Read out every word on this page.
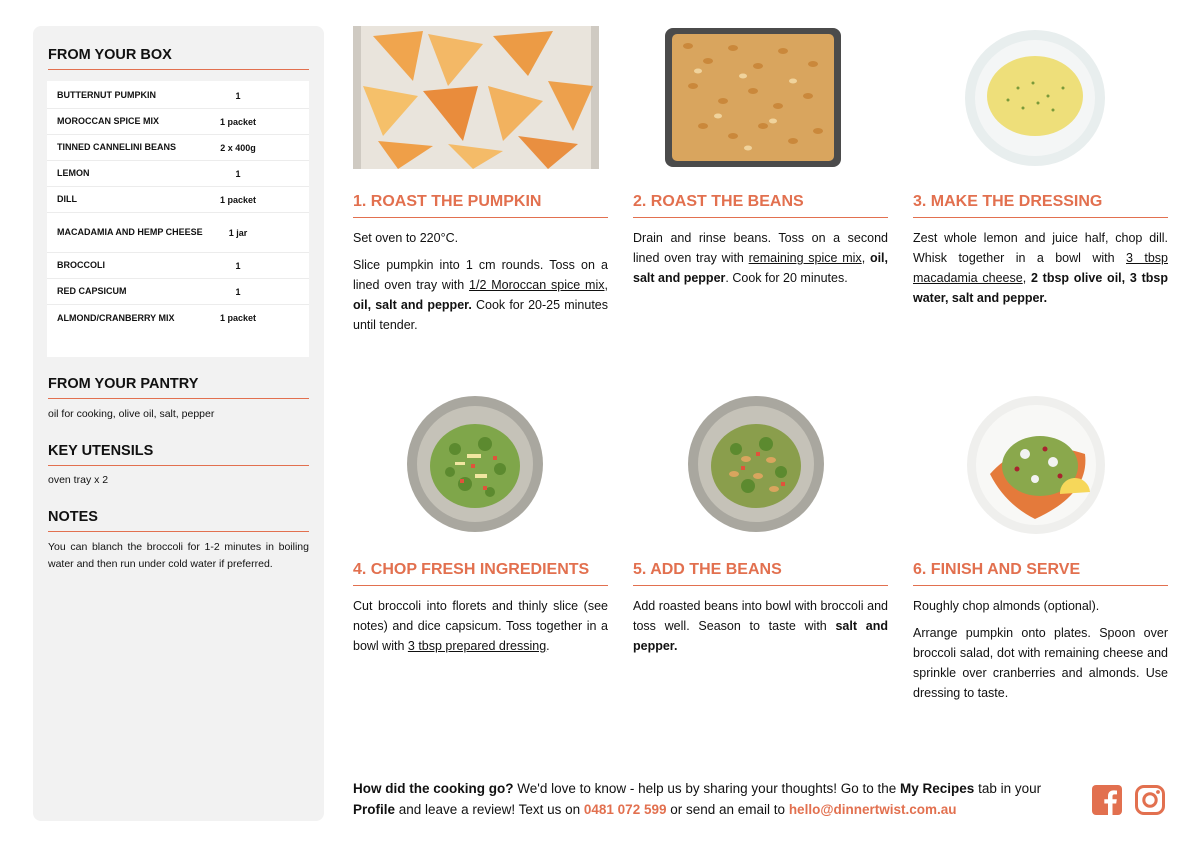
FROM YOUR BOX
BUTTERNUT PUMPKIN	1
MOROCCAN SPICE MIX	1 packet
TINNED CANNELINI BEANS	2 x 400g
LEMON	1
DILL	1 packet
MACADAMIA AND HEMP CHEESE	1 jar
BROCCOLI	1
RED CAPSICUM	1
ALMOND/CRANBERRY MIX	1 packet
FROM YOUR PANTRY
oil for cooking, olive oil, salt, pepper
KEY UTENSILS
oven tray x 2
NOTES
You can blanch the broccoli for 1-2 minutes in boiling water and then run under cold water if preferred.
1. ROAST THE PUMPKIN

Set oven to 220°C.

Slice pumpkin into 1 cm rounds. Toss on a lined oven tray with 1/2 Moroccan spice mix, oil, salt and pepper. Cook for 20-25 minutes until tender.

2. ROAST THE BEANS

Drain and rinse beans. Toss on a second lined oven tray with remaining spice mix, oil, salt and pepper. Cook for 20 minutes.

3. MAKE THE DRESSING

Zest whole lemon and juice half, chop dill. Whisk together in a bowl with 3 tbsp macadamia cheese, 2 tbsp olive oil, 3 tbsp water, salt and pepper.

4. CHOP FRESH INGREDIENTS

Cut broccoli into florets and thinly slice (see notes) and dice capsicum. Toss together in a bowl with 3 tbsp prepared dressing.

5. ADD THE BEANS

Add roasted beans into bowl with broccoli and toss well. Season to taste with salt and pepper.

6. FINISH AND SERVE

Roughly chop almonds (optional).

Arrange pumpkin onto plates. Spoon over broccoli salad, dot with remaining cheese and sprinkle over cranberries and almonds. Use dressing to taste.

How did the cooking go? We'd love to know - help us by sharing your thoughts! Go to the My Recipes tab in your Profile and leave a review! Text us on 0481 072 599 or send an email to hello@dinnertwist.com.au
